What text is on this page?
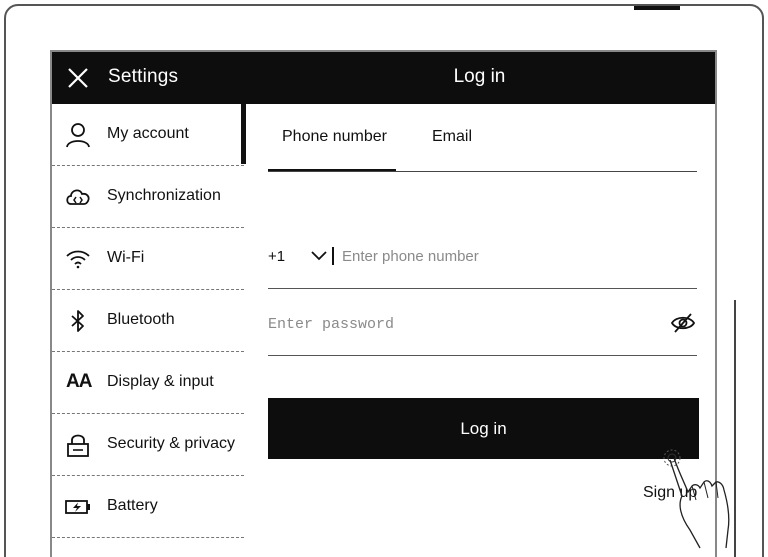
Settings	Log in
My account
Synchronization
Wi-Fi
Bluetooth
AA Display & input
Security & privacy
Battery
Phone number	Email
+1
Enter phone number
Log in
Sign up
